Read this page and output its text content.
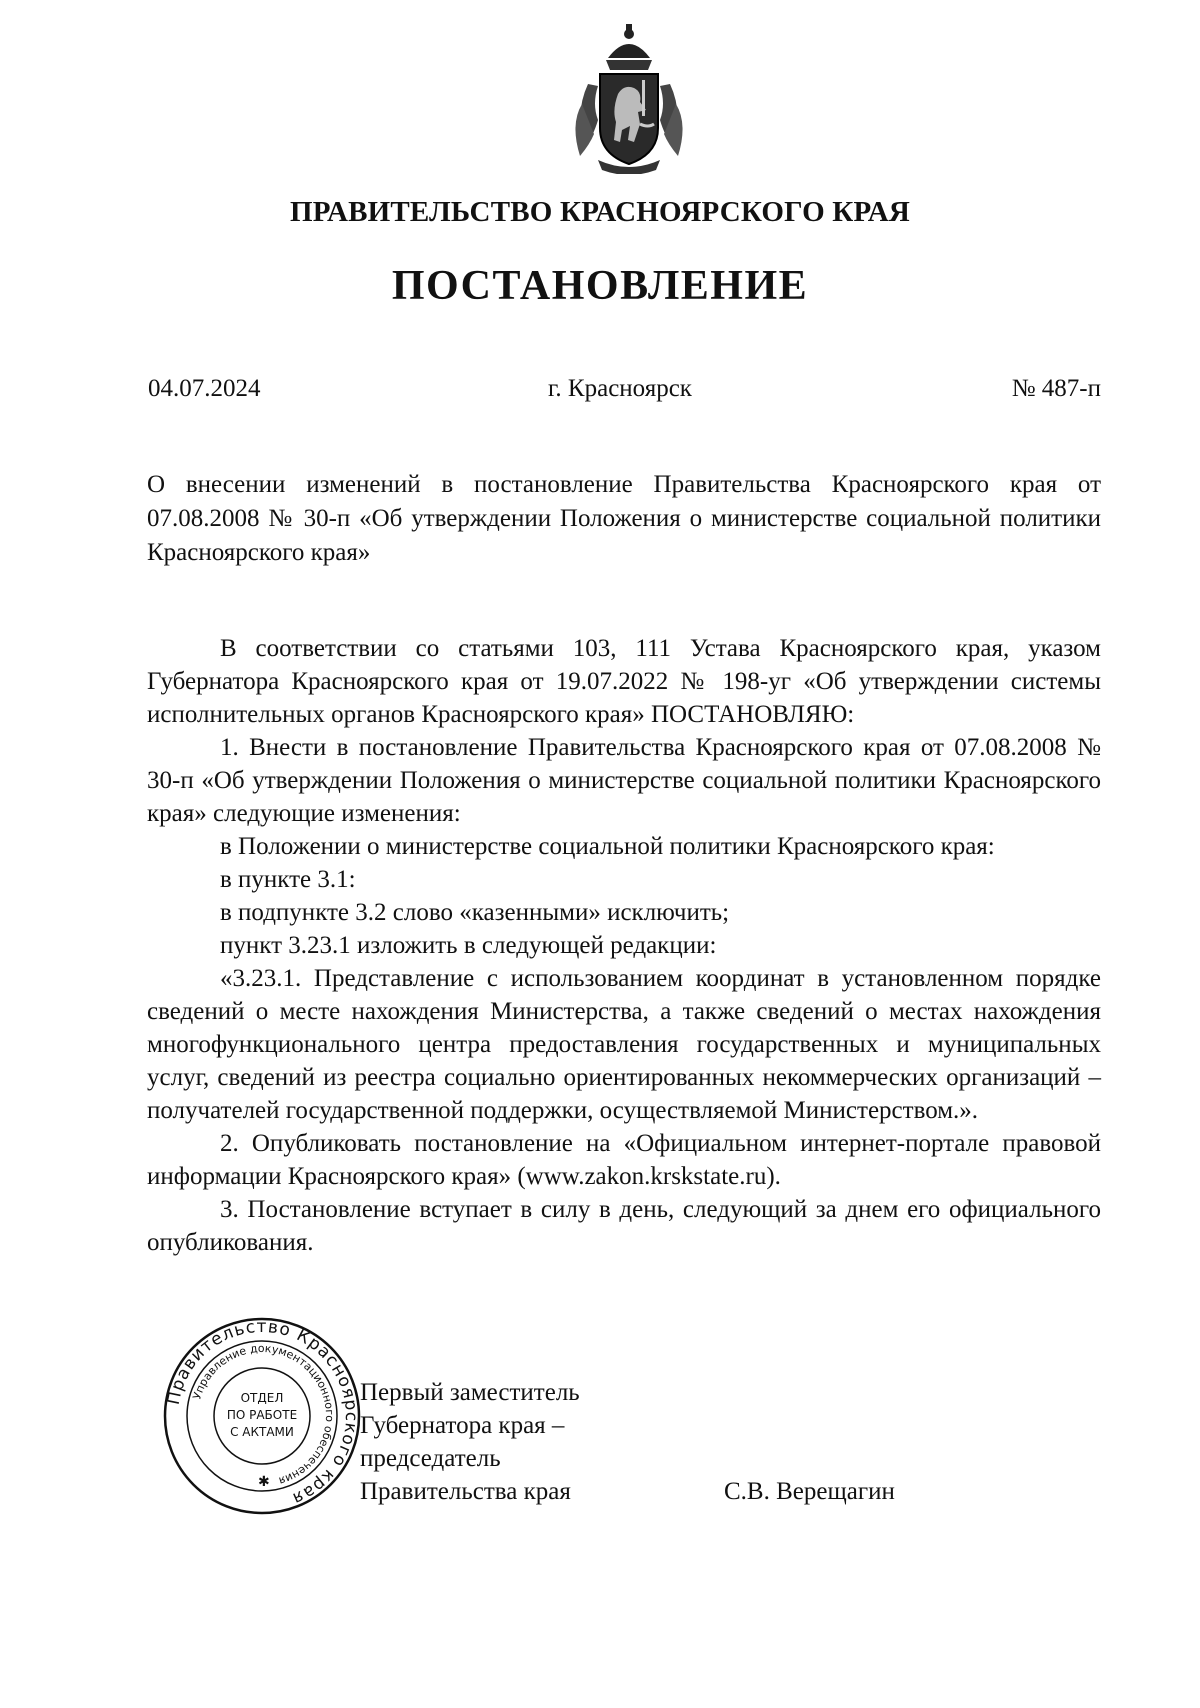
ПРАВИТЕЛЬСТВО КРАСНОЯРСКОГО КРАЯ
ПОСТАНОВЛЕНИЕ
04.07.2024	г. Красноярск	№ 487-п

О внесении изменений в постановление Правительства Красноярского края от 07.08.2008 № 30-п «Об утверждении Положения о министерстве социальной политики Красноярского края»

В соответствии со статьями 103, 111 Устава Красноярского края, указом Губернатора Красноярского края от 19.07.2022 № 198-уг «Об утверждении системы исполнительных органов Красноярского края» ПОСТАНОВЛЯЮ:

1. Внести в постановление Правительства Красноярского края от 07.08.2008 № 30-п «Об утверждении Положения о министерстве социальной политики Красноярского края» следующие изменения:

в Положении о министерстве социальной политики Красноярского края:

в пункте 3.1:

в подпункте 3.2 слово «казенными» исключить;

пункт 3.23.1 изложить в следующей редакции:

«3.23.1. Представление с использованием координат в установленном порядке сведений о месте нахождения Министерства, а также сведений о местах нахождения многофункционального центра предоставления государственных и муниципальных услуг, сведений из реестра социально ориентированных некоммерческих организаций – получателей государственной поддержки, осуществляемой Министерством.».

2. Опубликовать постановление на «Официальном интернет-портале правовой информации Красноярского края» (www.zakon.krskstate.ru).

3. Постановление вступает в силу в день, следующий за днем его официального опубликования.

Правительство Красноярского края
Управление документационного обеспечения
ОТДЕЛ
ПО РАБОТЕ
С АКТАМИ
✱
Первый заместитель
Губернатора края –
председатель
Правительства края	С.В. Верещагин
